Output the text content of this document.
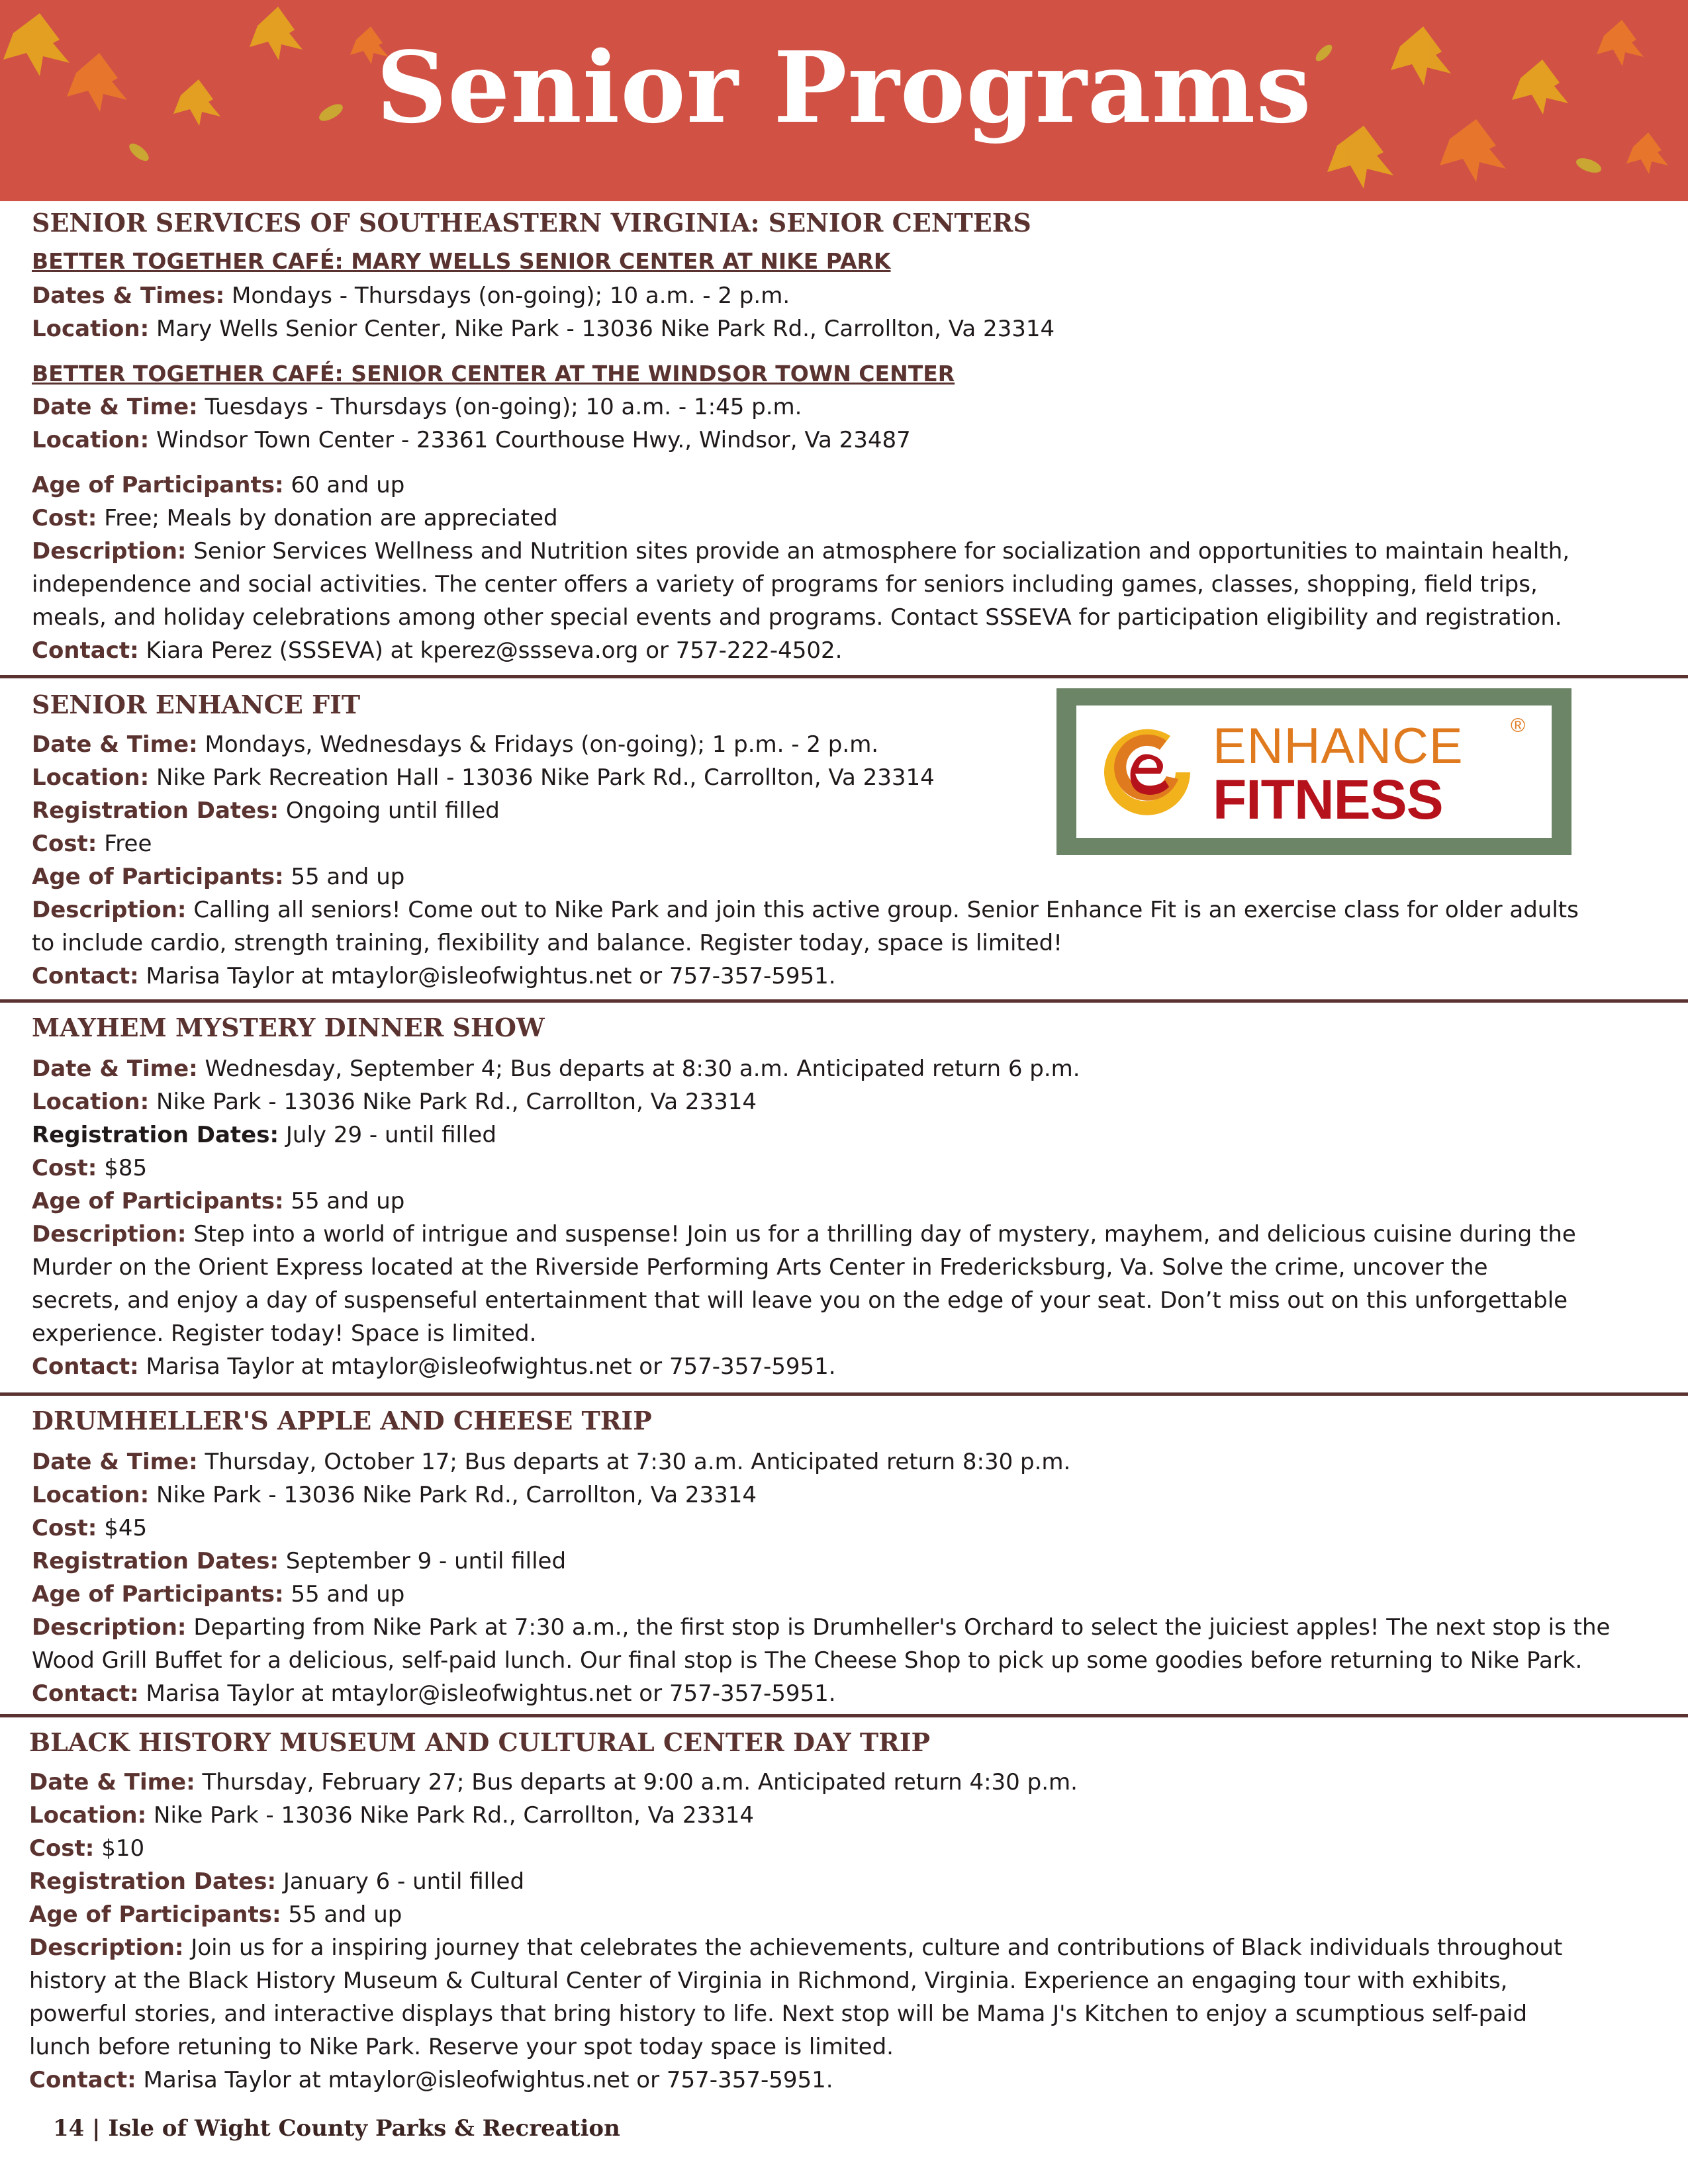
Senior Programs
SENIOR SERVICES OF SOUTHEASTERN VIRGINIA: SENIOR CENTERS
BETTER TOGETHER CAFÉ: MARY WELLS SENIOR CENTER AT NIKE PARK
Dates & Times: Mondays - Thursdays (on-going); 10 a.m. - 2 p.m.
Location: Mary Wells Senior Center, Nike Park - 13036 Nike Park Rd., Carrollton, Va 23314
BETTER TOGETHER CAFÉ: SENIOR CENTER AT THE WINDSOR TOWN CENTER
Date & Time: Tuesdays - Thursdays (on-going); 10 a.m. - 1:45 p.m.
Location: Windsor Town Center - 23361 Courthouse Hwy., Windsor, Va 23487
Age of Participants: 60 and up
Cost: Free; Meals by donation are appreciated
Description: Senior Services Wellness and Nutrition sites provide an atmosphere for socialization and opportunities to maintain health,
independence and social activities. The center offers a variety of programs for seniors including games, classes, shopping, field trips,
meals, and holiday celebrations among other special events and programs. Contact SSSEVA for participation eligibility and registration.
Contact: Kiara Perez (SSSEVA) at kperez@ssseva.org or 757-222-4502.
SENIOR ENHANCE FIT
Date & Time: Mondays, Wednesdays & Fridays (on-going); 1 p.m. - 2 p.m.
Location: Nike Park Recreation Hall - 13036 Nike Park Rd., Carrollton, Va 23314
Registration Dates: Ongoing until filled
Cost: Free
Age of Participants: 55 and up
Description: Calling all seniors! Come out to Nike Park and join this active group. Senior Enhance Fit is an exercise class for older adults
to include cardio, strength training, flexibility and balance. Register today, space is limited!
Contact: Marisa Taylor at mtaylor@isleofwightus.net or 757-357-5951.
ENHANCE ®
FITNESS
MAYHEM MYSTERY DINNER SHOW
Date & Time: Wednesday, September 4; Bus departs at 8:30 a.m. Anticipated return 6 p.m.
Location: Nike Park - 13036 Nike Park Rd., Carrollton, Va 23314
Registration Dates: July 29 - until filled
Cost: $85
Age of Participants: 55 and up
Description: Step into a world of intrigue and suspense! Join us for a thrilling day of mystery, mayhem, and delicious cuisine during the
Murder on the Orient Express located at the Riverside Performing Arts Center in Fredericksburg, Va. Solve the crime, uncover the
secrets, and enjoy a day of suspenseful entertainment that will leave you on the edge of your seat. Don’t miss out on this unforgettable
experience. Register today! Space is limited.
Contact: Marisa Taylor at mtaylor@isleofwightus.net or 757-357-5951.
DRUMHELLER'S APPLE AND CHEESE TRIP
Date & Time: Thursday, October 17; Bus departs at 7:30 a.m. Anticipated return 8:30 p.m.
Location: Nike Park - 13036 Nike Park Rd., Carrollton, Va 23314
Cost: $45
Registration Dates: September 9 - until filled
Age of Participants: 55 and up
Description: Departing from Nike Park at 7:30 a.m., the first stop is Drumheller's Orchard to select the juiciest apples! The next stop is the
Wood Grill Buffet for a delicious, self-paid lunch. Our final stop is The Cheese Shop to pick up some goodies before returning to Nike Park.
Contact: Marisa Taylor at mtaylor@isleofwightus.net or 757-357-5951.
BLACK HISTORY MUSEUM AND CULTURAL CENTER DAY TRIP
Date & Time: Thursday, February 27; Bus departs at 9:00 a.m. Anticipated return 4:30 p.m.
Location: Nike Park - 13036 Nike Park Rd., Carrollton, Va 23314
Cost: $10
Registration Dates: January 6 - until filled
Age of Participants: 55 and up
Description: Join us for a inspiring journey that celebrates the achievements, culture and contributions of Black individuals throughout
history at the Black History Museum & Cultural Center of Virginia in Richmond, Virginia. Experience an engaging tour with exhibits,
powerful stories, and interactive displays that bring history to life. Next stop will be Mama J's Kitchen to enjoy a scumptious self-paid
lunch before retuning to Nike Park. Reserve your spot today space is limited.
Contact: Marisa Taylor at mtaylor@isleofwightus.net or 757-357-5951.
14 | Isle of Wight County Parks & Recreation
